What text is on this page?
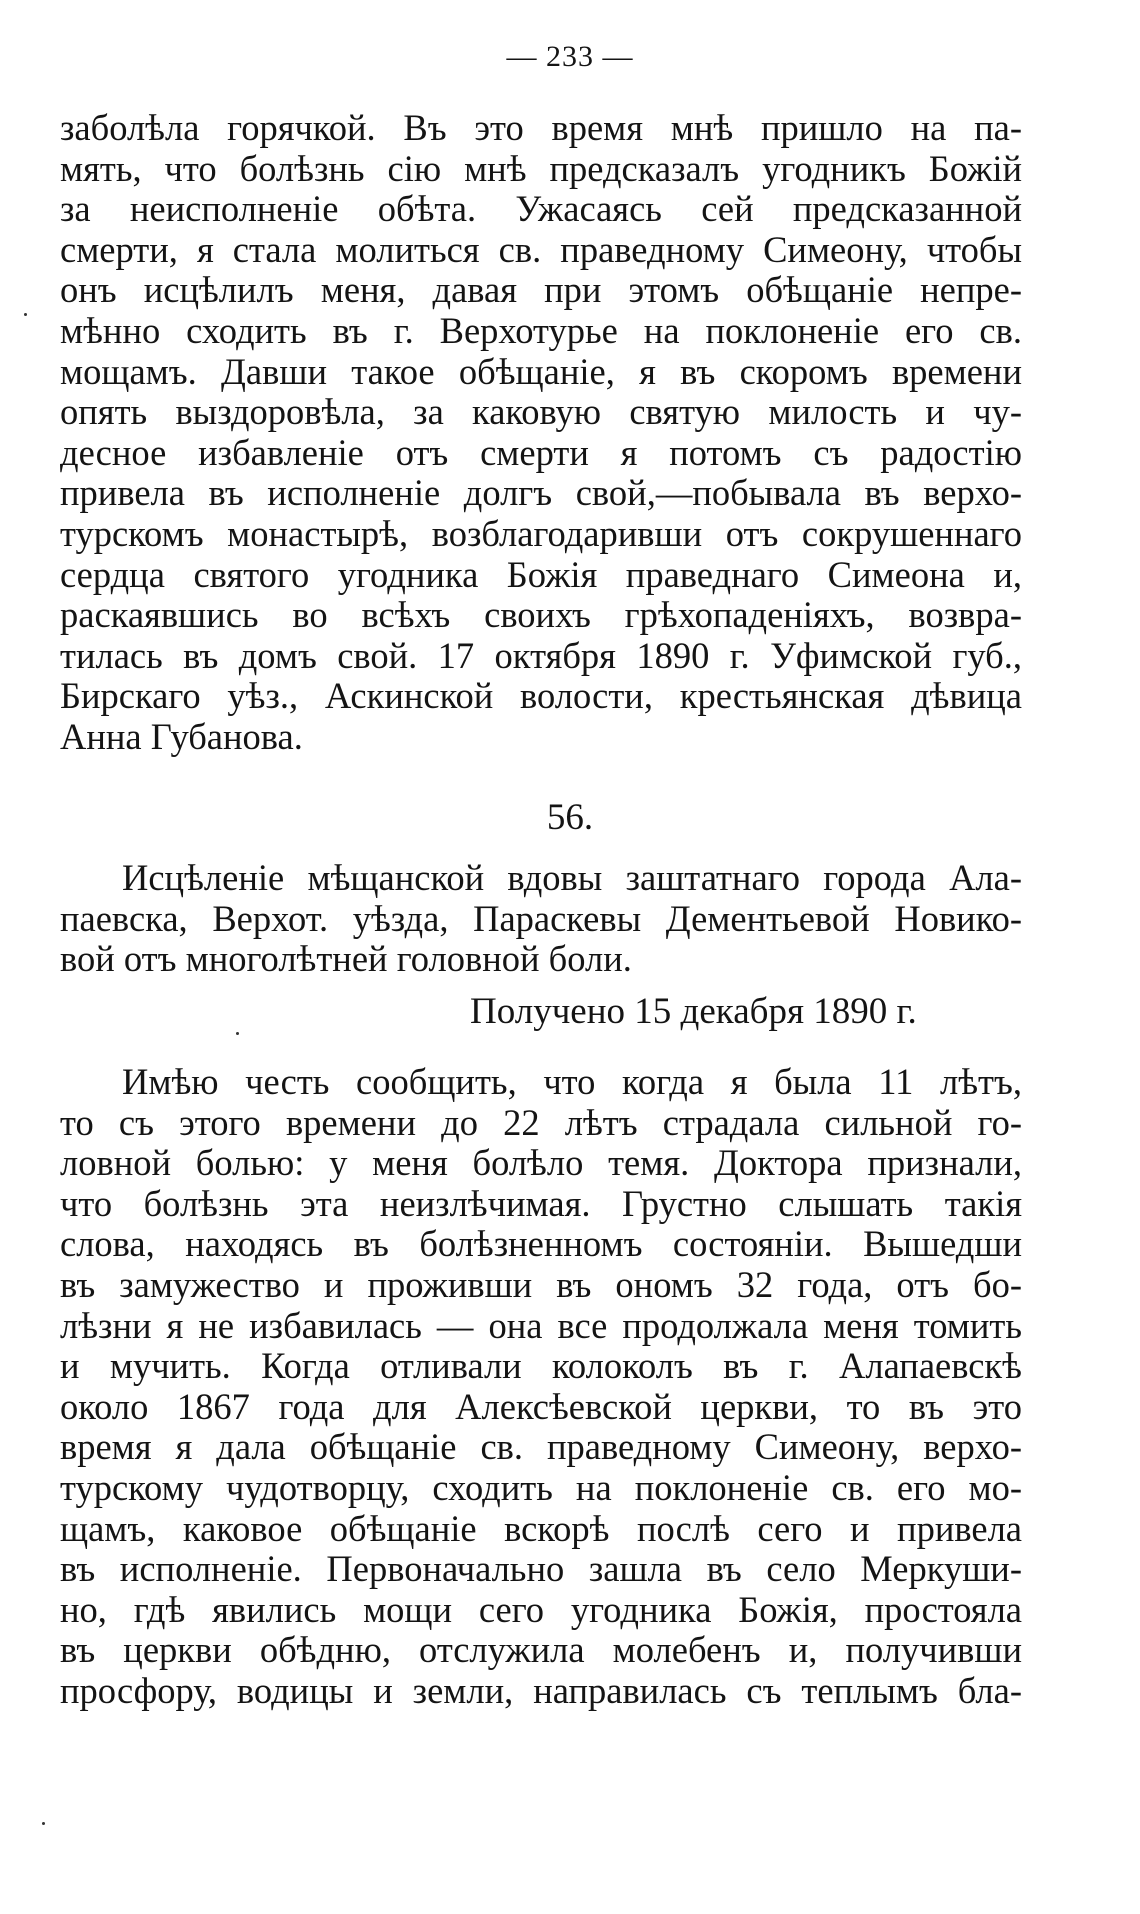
— 233 —
заболѣла горячкой. Въ это время мнѣ пришло на па-
мять, что болѣзнь сію мнѣ предсказалъ угодникъ Божій
за неисполненіе обѣта. Ужасаясь сей предсказанной
смерти, я стала молиться св. праведному Симеону, чтобы
онъ исцѣлилъ меня, давая при этомъ обѣщаніе непре-
мѣнно сходить въ г. Верхотурье на поклоненіе его св.
мощамъ. Давши такое обѣщаніе, я въ скоромъ времени
опять выздоровѣла, за каковую святую милость и чу-
десное избавленіе отъ смерти я потомъ съ радостію
привела въ исполненіе долгъ свой,—побывала въ верхо-
турскомъ монастырѣ, возблагодаривши отъ сокрушеннаго
сердца святого угодника Божія праведнаго Симеона и,
раскаявшись во всѣхъ своихъ грѣхопаденіяхъ, возвра-
тилась въ домъ свой. 17 октября 1890 г. Уфимской губ.,
Бирскаго уѣз., Аскинской волости, крестьянская дѣвица
Анна Губанова.
56.
Исцѣленіе мѣщанской вдовы заштатнаго города Ала-
паевска, Верхот. уѣзда, Параскевы Дементьевой Новико-
вой отъ многолѣтней головной боли.
Получено 15 декабря 1890 г.
Имѣю честь сообщить, что когда я была 11 лѣтъ,
то съ этого времени до 22 лѣтъ страдала сильной го-
ловной болью: у меня болѣло темя. Доктора признали,
что болѣзнь эта неизлѣчимая. Грустно слышать такія
слова, находясь въ болѣзненномъ состояніи. Вышедши
въ замужество и проживши въ ономъ 32 года, отъ бо-
лѣзни я не избавилась — она все продолжала меня томить
и мучить. Когда отливали колоколъ въ г. Алапаевскѣ
около 1867 года для Алексѣевской церкви, то въ это
время я дала обѣщаніе св. праведному Симеону, верхо-
турскому чудотворцу, сходить на поклоненіе св. его мо-
щамъ, каковое обѣщаніе вскорѣ послѣ сего и привела
въ исполненіе. Первоначально зашла въ село Меркуши-
но, гдѣ явились мощи сего угодника Божія, простояла
въ церкви обѣдню, отслужила молебенъ и, получивши
просфору, водицы и земли, направилась съ теплымъ бла-
